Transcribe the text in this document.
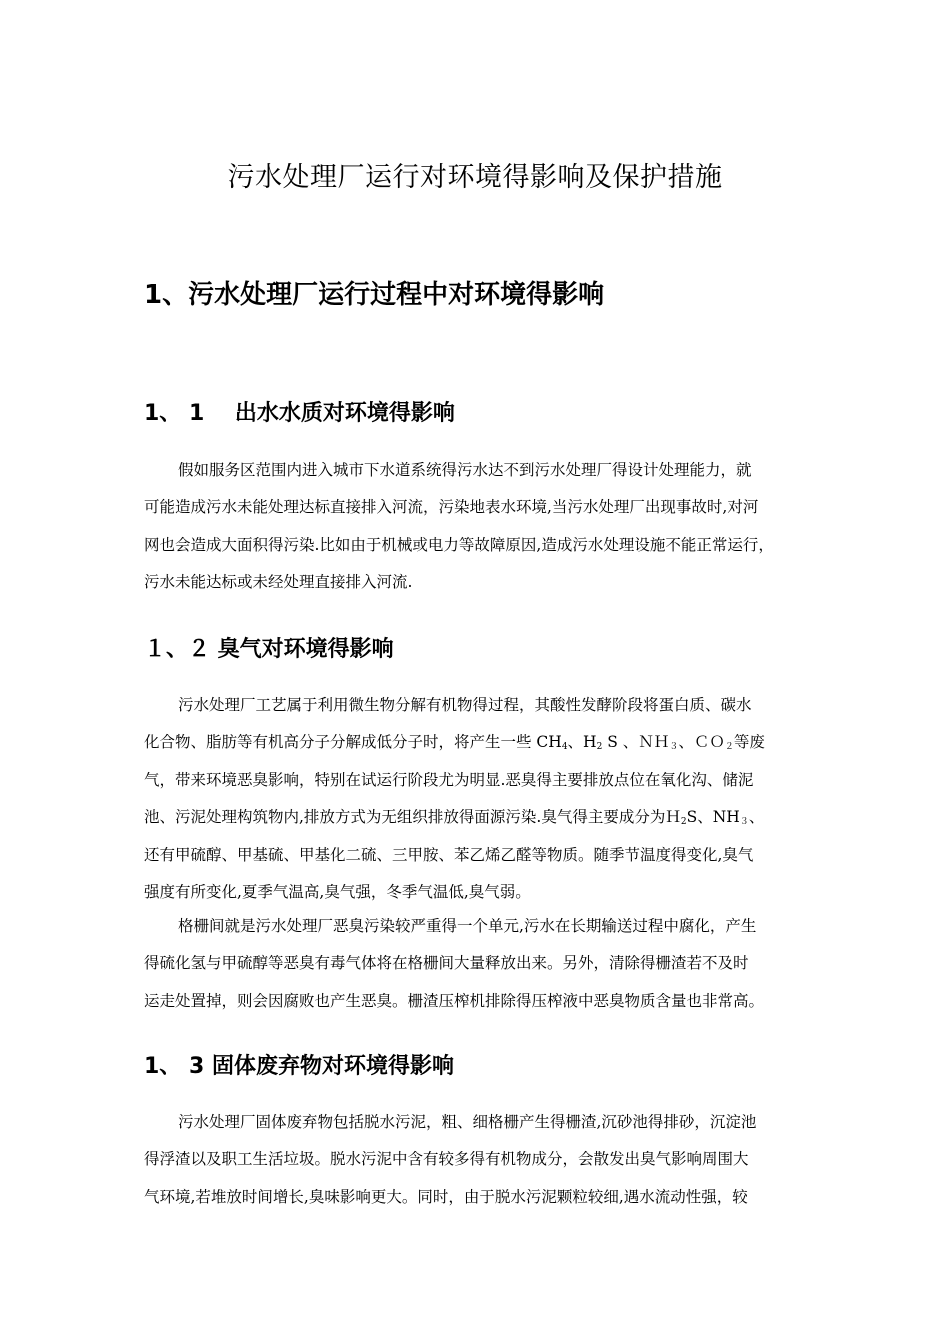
污水处理厂运行对环境得影响及保护措施
1、污水处理厂运行过程中对环境得影响
1、 1    出水水质对环境得影响
假如服务区范围内进入城市下水道系统得污水达不到污水处理厂得设计处理能力，就
可能造成污水未能处理达标直接排入河流，污染地表水环境,当污水处理厂出现事故时,对河
网也会造成大面积得污染.比如由于机械或电力等故障原因,造成污水处理设施不能正常运行，
污水未能达标或未经处理直接排入河流.
１、２ 臭气对环境得影响
污水处理厂工艺属于利用微生物分解有机物得过程，其酸性发酵阶段将蛋白质、碳水
化合物、脂肪等有机高分子分解成低分子时，将产生一些 $CH_4$、$H_2$ S 、ＮＨ$_3$、ＣＯ$_2$等废
气，带来环境恶臭影响，特别在试运行阶段尤为明显.恶臭得主要排放点位在氧化沟、储泥
池、污泥处理构筑物内,排放方式为无组织排放得面源污染.臭气得主要成分为Ｈ$_2$S、$NH_3$、
还有甲硫醇、甲基硫、甲基化二硫、三甲胺、苯乙烯乙醛等物质。随季节温度得变化,臭气
强度有所变化,夏季气温高,臭气强，冬季气温低,臭气弱。
格栅间就是污水处理厂恶臭污染较严重得一个单元,污水在长期输送过程中腐化，产生
得硫化氢与甲硫醇等恶臭有毒气体将在格栅间大量释放出来。另外，清除得栅渣若不及时
运走处置掉，则会因腐败也产生恶臭。栅渣压榨机排除得压榨液中恶臭物质含量也非常高。
1、 3 固体废弃物对环境得影响
污水处理厂固体废弃物包括脱水污泥，粗、细格栅产生得栅渣,沉砂池得排砂，沉淀池
得浮渣以及职工生活垃圾。脱水污泥中含有较多得有机物成分，会散发出臭气影响周围大
气环境,若堆放时间增长,臭味影响更大。同时，由于脱水污泥颗粒较细,遇水流动性强，较
